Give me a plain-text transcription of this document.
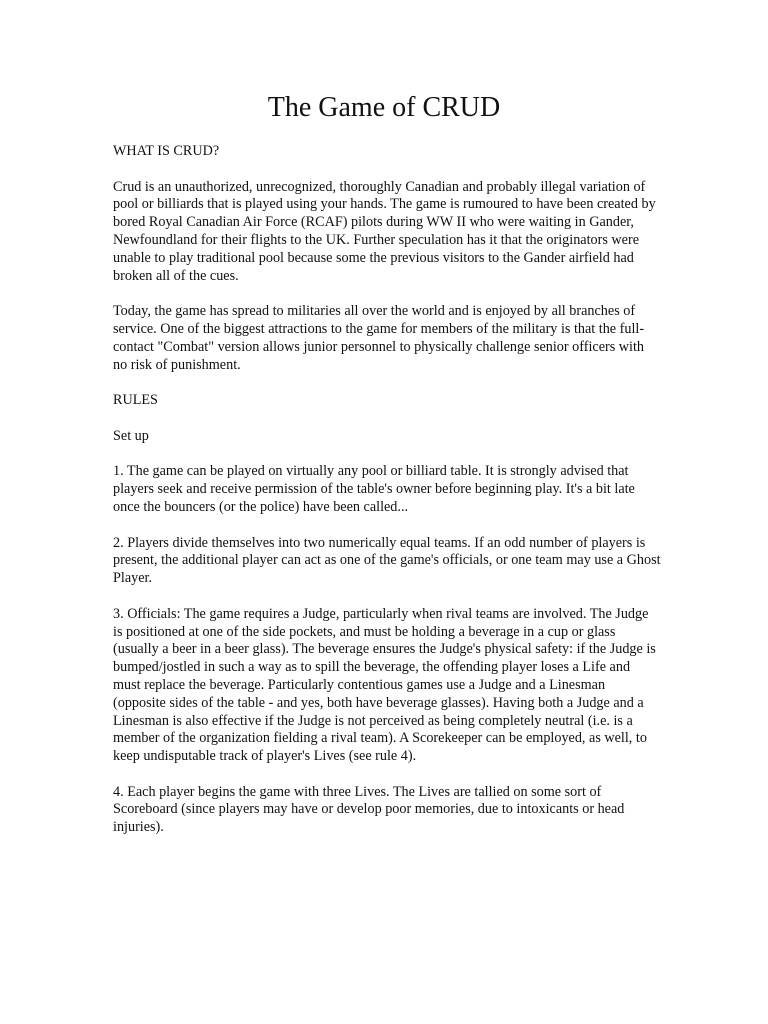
The Game of CRUD

WHAT IS CRUD?

Crud is an unauthorized, unrecognized, thoroughly Canadian and probably illegal variation of pool or billiards that is played using your hands. The game is rumoured to have been created by bored Royal Canadian Air Force (RCAF) pilots during WW II who were waiting in Gander, Newfoundland for their flights to the UK. Further speculation has it that the originators were unable to play traditional pool because some the previous visitors to the Gander airfield had broken all of the cues.

Today, the game has spread to militaries all over the world and is enjoyed by all branches of service. One of the biggest attractions to the game for members of the military is that the full-contact "Combat" version allows junior personnel to physically challenge senior officers with no risk of punishment.

RULES

Set up

1. The game can be played on virtually any pool or billiard table. It is strongly advised that players seek and receive permission of the table's owner before beginning play. It's a bit late once the bouncers (or the police) have been called...

2. Players divide themselves into two numerically equal teams. If an odd number of players is present, the additional player can act as one of the game's officials, or one team may use a Ghost Player.

3. Officials: The game requires a Judge, particularly when rival teams are involved. The Judge is positioned at one of the side pockets, and must be holding a beverage in a cup or glass (usually a beer in a beer glass). The beverage ensures the Judge's physical safety: if the Judge is bumped/jostled in such a way as to spill the beverage, the offending player loses a Life and must replace the beverage. Particularly contentious games use a Judge and a Linesman (opposite sides of the table - and yes, both have beverage glasses). Having both a Judge and a Linesman is also effective if the Judge is not perceived as being completely neutral (i.e. is a member of the organization fielding a rival team). A Scorekeeper can be employed, as well, to keep undisputable track of player's Lives (see rule 4).

4. Each player begins the game with three Lives. The Lives are tallied on some sort of Scoreboard (since players may have or develop poor memories, due to intoxicants or head injuries).
